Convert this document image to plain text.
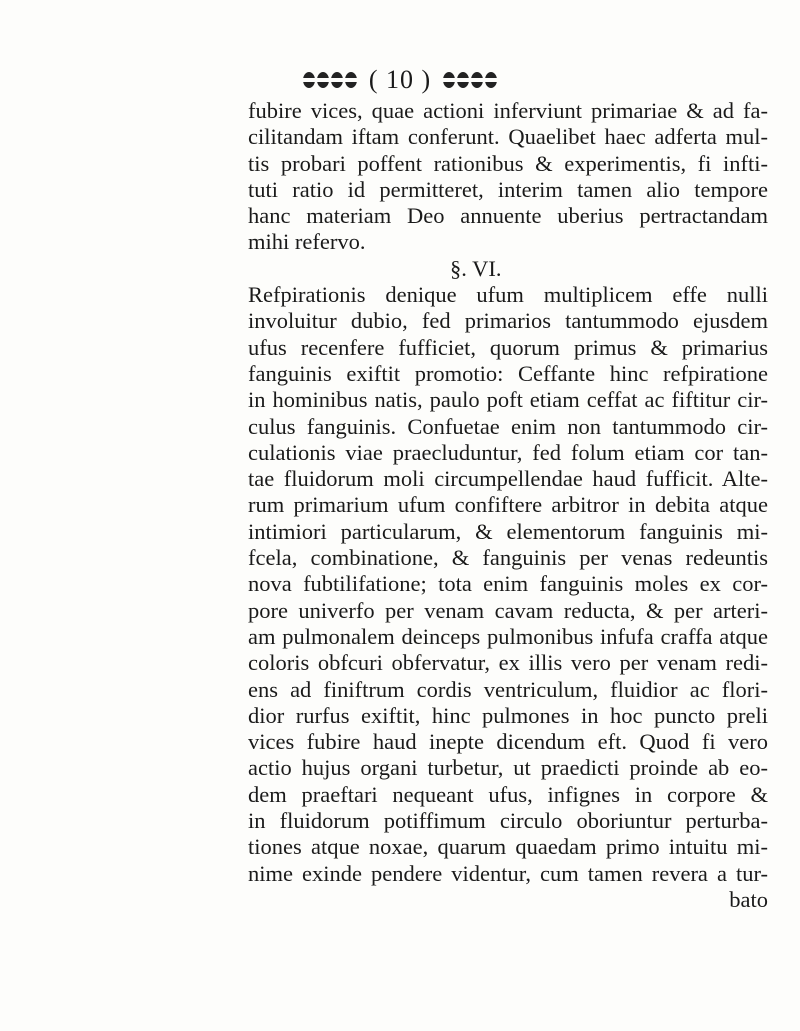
( 10 )
fubire vices, quae actioni inferviunt primariae & ad fa-
cilitandam iftam conferunt. Quaelibet haec adferta mul-
tis probari poffent rationibus & experimentis, fi infti-
tuti ratio id permitteret, interim tamen alio tempore
hanc materiam Deo annuente uberius pertractandam
mihi refervo.
§. VI.
Refpirationis denique ufum multiplicem effe nulli
involuitur dubio, fed primarios tantummodo ejusdem
ufus recenfere fufficiet, quorum primus & primarius
fanguinis exiftit promotio: Ceffante hinc refpiratione
in hominibus natis, paulo poft etiam ceffat ac fiftitur cir-
culus fanguinis. Confuetae enim non tantummodo cir-
culationis viae praecluduntur, fed folum etiam cor tan-
tae fluidorum moli circumpellendae haud fufficit. Alte-
rum primarium ufum confiftere arbitror in debita atque
intimiori particularum, & elementorum fanguinis mi-
fcela, combinatione, & fanguinis per venas redeuntis
nova fubtilifatione; tota enim fanguinis moles ex cor-
pore univerfo per venam cavam reducta, & per arteri-
am pulmonalem deinceps pulmonibus infufa craffa atque
coloris obfcuri obfervatur, ex illis vero per venam redi-
ens ad finiftrum cordis ventriculum, fluidior ac flori-
dior rurfus exiftit, hinc pulmones in hoc puncto preli
vices fubire haud inepte dicendum eft. Quod fi vero
actio hujus organi turbetur, ut praedicti proinde ab eo-
dem praeftari nequeant ufus, infignes in corpore &
in fluidorum potiffimum circulo oboriuntur perturba-
tiones atque noxae, quarum quaedam primo intuitu mi-
nime exinde pendere videntur, cum tamen revera a tur-
bato
